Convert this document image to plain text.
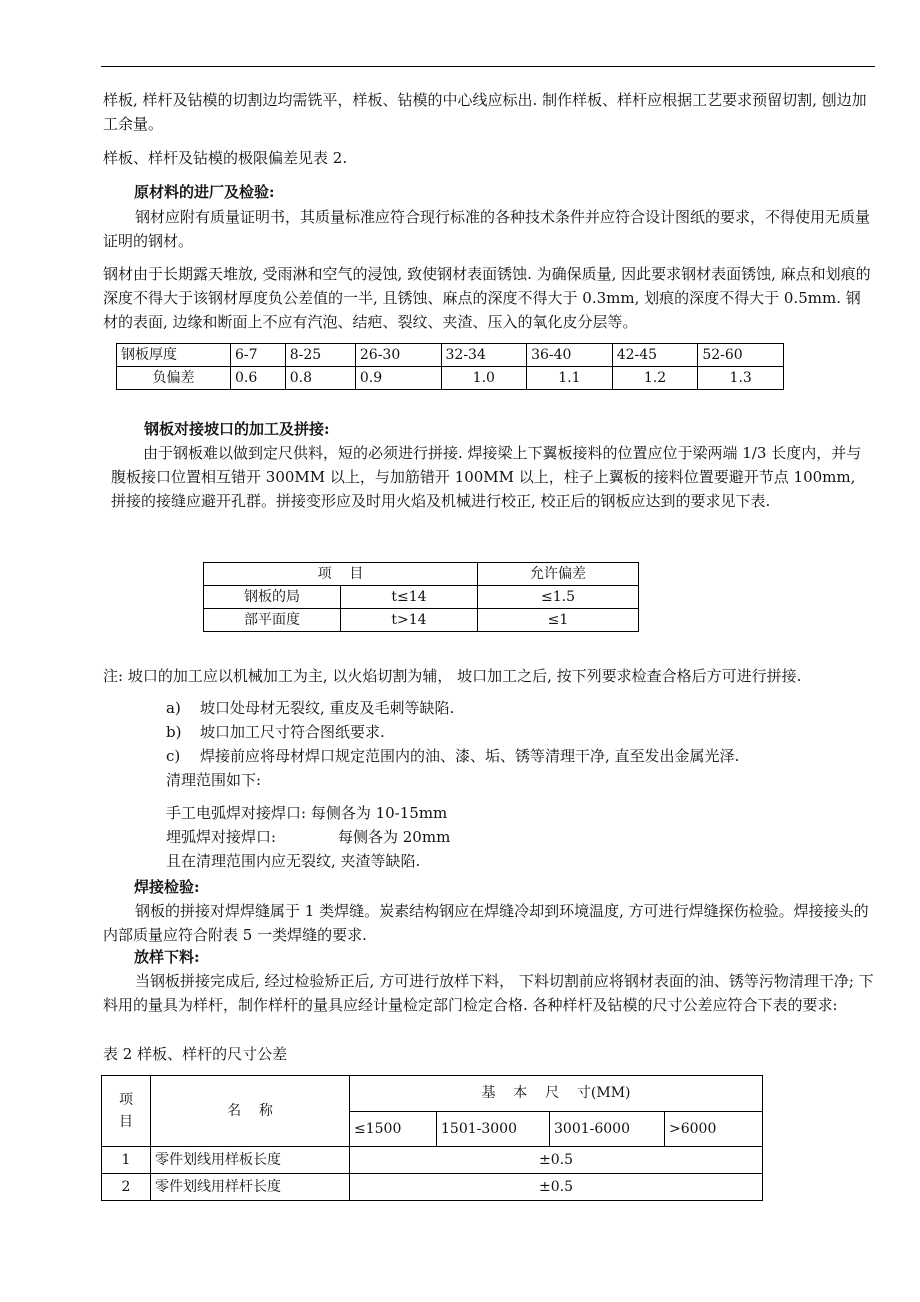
样板, 样杆及钻模的切割边均需铣平，样板、钻模的中心线应标出. 制作样板、样杆应根据工艺要求预留切割, 刨边加工余量。

样板、样杆及钻模的极限偏差见表 2.

原材料的进厂及检验:

钢材应附有质量证明书，其质量标准应符合现行标准的各种技术条件并应符合设计图纸的要求，不得使用无质量证明的钢材。

钢材由于长期露天堆放, 受雨淋和空气的浸蚀, 致使钢材表面锈蚀. 为确保质量, 因此要求钢材表面锈蚀, 麻点和划痕的深度不得大于该钢材厚度负公差值的一半, 且锈蚀、麻点的深度不得大于 0.3mm, 划痕的深度不得大于 0.5mm. 钢材的表面, 边缘和断面上不应有汽泡、结疤、裂纹、夹渣、压入的氧化皮分层等。

钢板厚度	6-7	8-25	26-30	32-34	36-40	42-45	52-60
负偏差	0.6	0.8	0.9	1.0	1.1	1.2	1.3
钢板对接坡口的加工及拼接:

由于钢板难以做到定尺供料，短的必须进行拼接. 焊接梁上下翼板接料的位置应位于梁两端 1/3 长度内，并与腹板接口位置相互错开 300MM 以上，与加筋错开 100MM 以上，柱子上翼板的接料位置要避开节点 100mm, 拼接的接缝应避开孔群。拼接变形应及时用火焰及机械进行校正, 校正后的钢板应达到的要求见下表.

项    目		允许偏差
钢板的局	t≤14	≤1.5
部平面度	t>14	≤1
注: 坡口的加工应以机械加工为主, 以火焰切割为辅， 坡口加工之后, 按下列要求检查合格后方可进行拼接.
a) 坡口处母材无裂纹, 重皮及毛刺等缺陷.
b) 坡口加工尺寸符合图纸要求.
c) 焊接前应将母材焊口规定范围内的油、漆、垢、锈等清理干净, 直至发出金属光泽.
清理范围如下:
手工电弧焊对接焊口: 每侧各为 10-15mm
埋弧焊对接焊口:	每侧各为 20mm
且在清理范围内应无裂纹, 夹渣等缺陷.
焊接检验:

钢板的拼接对焊焊缝属于 1 类焊缝。炭素结构钢应在焊缝冷却到环境温度, 方可进行焊缝探伤检验。焊接接头的内部质量应符合附表 5 一类焊缝的要求.

放样下料:

当钢板拼接完成后, 经过检验矫正后, 方可进行放样下料， 下料切割前应将钢材表面的油、锈等污物清理干净; 下料用的量具为样杆，制作样杆的量具应经计量检定部门检定合格. 各种样杆及钻模的尺寸公差应符合下表的要求:

表 2 样板、样杆的尺寸公差
项
目	名    称	基    本    尺    寸(MM)			
		≤1500	1501-3000	3001-6000	>6000
1	零件划线用样板长度	±0.5			
2	零件划线用样杆长度	±0.5			
